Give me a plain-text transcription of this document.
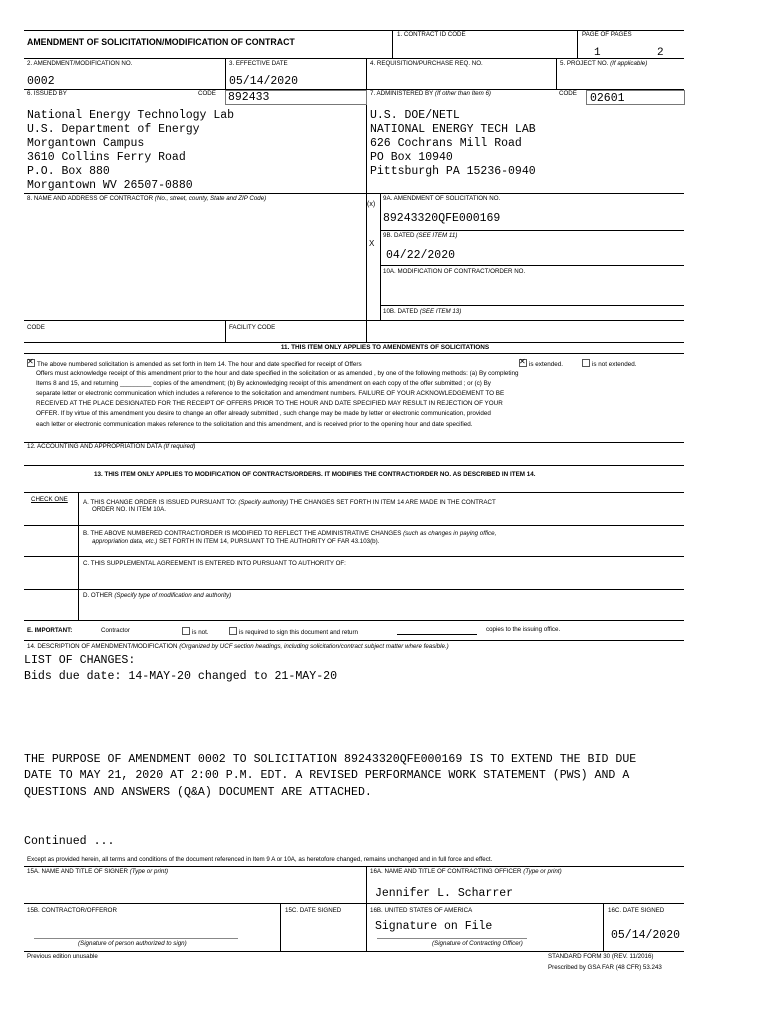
AMENDMENT OF SOLICITATION/MODIFICATION OF CONTRACT
1. CONTRACT ID CODE	PAGE OF PAGES
1	2
2. AMENDMENT/MODIFICATION NO.
0002
3. EFFECTIVE DATE
05/14/2020
4. REQUISITION/PURCHASE REQ. NO.	5. PROJECT NO. (If applicable)
6. ISSUED BY	CODE 892433
National Energy Technology Lab
U.S. Department of Energy
Morgantown Campus
3610 Collins Ferry Road
P.O. Box 880
Morgantown WV 26507-0880
7. ADMINISTERED BY (If other than Item 6)	CODE 02601
U.S. DOE/NETL
NATIONAL ENERGY TECH LAB
626 Cochrans Mill Road
PO Box 10940
Pittsburgh PA 15236-0940
8. NAME AND ADDRESS OF CONTRACTOR (No., street, county, State and ZIP Code)
(x)
9A. AMENDMENT OF SOLICITATION NO.
89243320QFE000169
X
9B. DATED (SEE ITEM 11)
04/22/2020
10A. MODIFICATION OF CONTRACT/ORDER NO.
10B. DATED (SEE ITEM 13)
CODE	FACILITY CODE
11. THIS ITEM ONLY APPLIES TO AMENDMENTS OF SOLICITATIONS
✕The above numbered solicitation is amended as set forth in Item 14. The hour and date specified for receipt of Offers
✕	is extended.	is not extended.
Offers must acknowledge receipt of this amendment prior to the hour and date specified in the solicitation or as amended , by one of the following methods: (a) By completing
Items 8 and 15, and returning _________ copies of the amendment; (b) By acknowledging receipt of this amendment on each copy of the offer submitted ; or (c) By
separate letter or electronic communication which includes a reference to the solicitation and amendment numbers. FAILURE OF YOUR ACKNOWLEDGEMENT TO BE
RECEIVED AT THE PLACE DESIGNATED FOR THE RECEIPT OF OFFERS PRIOR TO THE HOUR AND DATE SPECIFIED MAY RESULT IN REJECTION OF YOUR
OFFER. If by virtue of this amendment you desire to change an offer already submitted , such change may be made by letter or electronic communication, provided
each letter or electronic communication makes reference to the solicitation and this amendment, and is received prior to the opening hour and date specified.
12. ACCOUNTING AND APPROPRIATION DATA (If required)
13. THIS ITEM ONLY APPLIES TO MODIFICATION OF CONTRACTS/ORDERS. IT MODIFIES THE CONTRACT/ORDER NO. AS DESCRIBED IN ITEM 14.
CHECK ONE A. THIS CHANGE ORDER IS ISSUED PURSUANT TO: (Specify authority) THE CHANGES SET FORTH IN ITEM 14 ARE MADE IN THE CONTRACT
ORDER NO. IN ITEM 10A.
B. THE ABOVE NUMBERED CONTRACT/ORDER IS MODIFIED TO REFLECT THE ADMINISTRATIVE CHANGES (such as changes in paying office,
appropriation data, etc.) SET FORTH IN ITEM 14, PURSUANT TO THE AUTHORITY OF FAR 43.103(b).
C. THIS SUPPLEMENTAL AGREEMENT IS ENTERED INTO PURSUANT TO AUTHORITY OF:
D. OTHER (Specify type of modification and authority)
E. IMPORTANT:	Contractor	is not.	is required to sign this document and return	copies to the issuing office.
14. DESCRIPTION OF AMENDMENT/MODIFICATION (Organized by UCF section headings, including solicitation/contract subject matter where feasible.)
LIST OF CHANGES:
Bids due date: 14-MAY-20 changed to 21-MAY-20
THE PURPOSE OF AMENDMENT 0002 TO SOLICITATION 89243320QFE000169 IS TO EXTEND THE BID DUE
DATE TO MAY 21, 2020 AT 2:00 P.M. EDT. A REVISED PERFORMANCE WORK STATEMENT (PWS) AND A
QUESTIONS AND ANSWERS (Q&A) DOCUMENT ARE ATTACHED.
Continued ...
Except as provided herein, all terms and conditions of the document referenced in Item 9 A or 10A, as heretofore changed, remains unchanged and in full force and effect.
15A. NAME AND TITLE OF SIGNER (Type or print)	16A. NAME AND TITLE OF CONTRACTING OFFICER (Type or print)
Jennifer L. Scharrer
15B. CONTRACTOR/OFFEROR	15C. DATE SIGNED	16B. UNITED STATES OF AMERICA
Signature on File
16C. DATE SIGNED
05/14/2020
(Signature of person authorized to sign)	(Signature of Contracting Officer)
Previous edition unusable	STANDARD FORM 30 (REV. 11/2016)
Prescribed by GSA FAR (48 CFR) 53.243
